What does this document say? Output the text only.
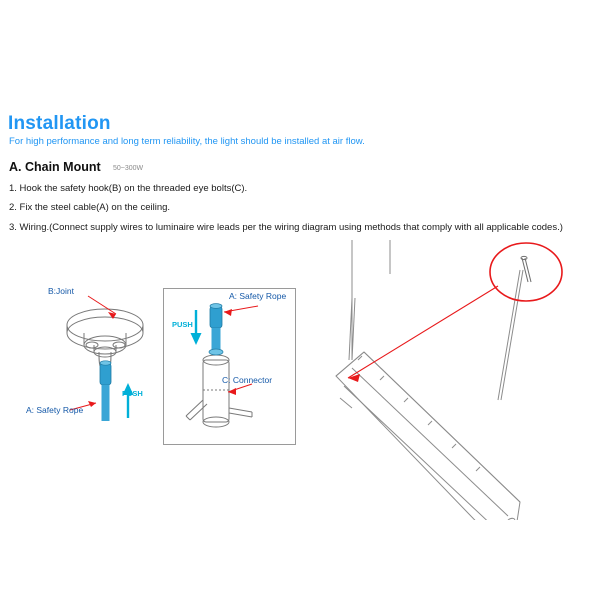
Installation
For high performance and long term reliability, the light should be installed at air flow.
A. Chain Mount 50~300W
1. Hook the safety hook(B) on the threaded eye bolts(C).
2. Fix the steel cable(A) on the ceiling.
3. Wiring.(Connect supply wires to luminaire wire leads per the wiring diagram using methods that comply with all applicable codes.)
B:Joint
A: Safety Rope
A: Safety Rope
C: Connector
PUSH
PUSH
